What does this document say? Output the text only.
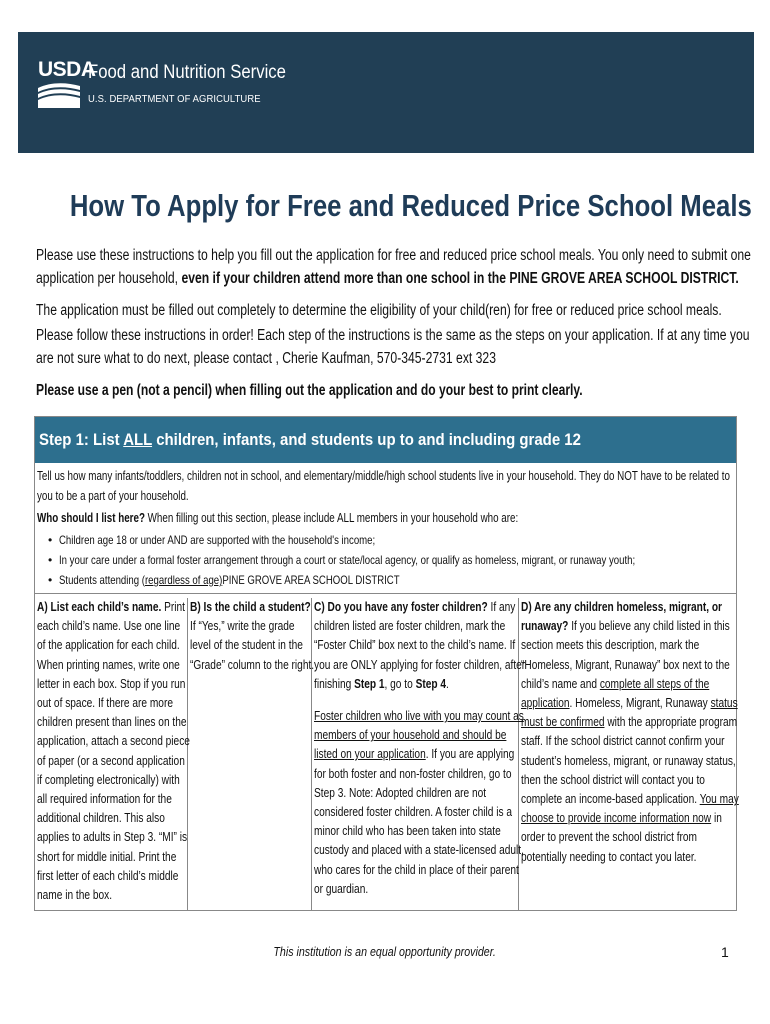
USDA
Food and Nutrition Service
U.S. DEPARTMENT OF AGRICULTURE
How To Apply for Free and Reduced Price School Meals
Please use these instructions to help you fill out the application for free and reduced price school meals. You only need to submit one
application per household, even if your children attend more than one school in the PINE GROVE AREA SCHOOL DISTRICT.
The application must be filled out completely to determine the eligibility of your child(ren) for free or reduced price school meals.
Please follow these instructions in order! Each step of the instructions is the same as the steps on your application. If at any time you
are not sure what to do next, please contact , Cherie Kaufman, 570-345-2731 ext 323
Please use a pen (not a pencil) when filling out the application and do your best to print clearly.
Step 1: List ALL children, infants, and students up to and including grade 12
Tell us how many infants/toddlers, children not in school, and elementary/middle/high school students live in your household. They do NOT have to be related to
you to be a part of your household.
Who should I list here? When filling out this section, please include ALL members in your household who are:
• Children age 18 or under AND are supported with the household's income;
• In your care under a formal foster arrangement through a court or state/local agency, or qualify as homeless, migrant, or runaway youth;
• Students attending (regardless of age)PINE GROVE AREA SCHOOL DISTRICT
A) List each child’s name. Print
each child’s name. Use one line
of the application for each child.
When printing names, write one
letter in each box. Stop if you run
out of space. If there are more
children present than lines on the
application, attach a second piece
of paper (or a second application
if completing electronically) with
all required information for the
additional children. This also
applies to adults in Step 3. “MI” is
short for middle initial. Print the
first letter of each child’s middle
name in the box.
B) Is the child a student?
If “Yes,” write the grade
level of the student in the
“Grade” column to the right.
C) Do you have any foster children? If any
children listed are foster children, mark the
“Foster Child” box next to the child’s name. If
you are ONLY applying for foster children, after
finishing Step 1, go to Step 4.
Foster children who live with you may count as
members of your household and should be
listed on your application. If you are applying
for both foster and non-foster children, go to
Step 3. Note: Adopted children are not
considered foster children. A foster child is a
minor child who has been taken into state
custody and placed with a state-licensed adult,
who cares for the child in place of their parent
or guardian.
D) Are any children homeless, migrant, or
runaway? If you believe any child listed in this
section meets this description, mark the
“Homeless, Migrant, Runaway” box next to the
child’s name and complete all steps of the
application. Homeless, Migrant, Runaway status
must be confirmed with the appropriate program
staff. If the school district cannot confirm your
student’s homeless, migrant, or runaway status,
then the school district will contact you to
complete an income-based application. You may
choose to provide income information now in
order to prevent the school district from
potentially needing to contact you later.
This institution is an equal opportunity provider.	1
